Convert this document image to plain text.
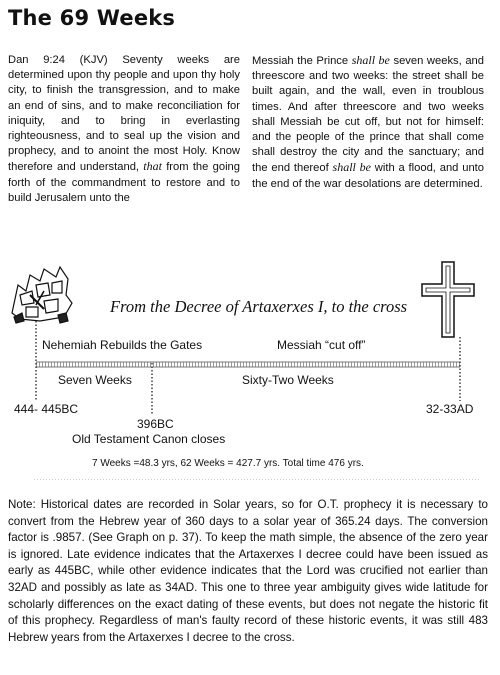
The 69 Weeks
Dan 9:24 (KJV) Seventy weeks are determined upon thy people and upon thy holy city, to finish the transgression, and to make an end of sins, and to make reconciliation for iniquity, and to bring in everlasting righteousness, and to seal up the vision and prophecy, and to anoint the most Holy. Know therefore and understand, that from the going forth of the commandment to restore and to build Jerusalem unto the
Messiah the Prince shall be seven weeks, and threescore and two weeks: the street shall be built again, and the wall, even in troublous times. And after threescore and two weeks shall Messiah be cut off, but not for himself: and the people of the prince that shall come shall destroy the city and the sanctuary; and the end thereof shall be with a flood, and unto the end of the war desolations are determined.
From the Decree of Artaxerxes I, to the cross
Nehemiah Rebuilds the Gates	Messiah “cut off”
Seven Weeks	Sixty-Two Weeks
444- 445BC	32-33AD
396BC
Old Testament Canon closes
7 Weeks =48.3 yrs, 62 Weeks = 427.7 yrs. Total time 476 yrs.
Note: Historical dates are recorded in Solar years, so for O.T. prophecy it is necessary to convert from the Hebrew year of 360 days to a solar year of 365.24 days. The conversion factor is .9857. (See Graph on p. 37). To keep the math simple, the absence of the zero year is ignored. Late evidence indicates that the Artaxerxes I decree could have been issued as early as 445BC, while other evidence indicates that the Lord was crucified not earlier than 32AD and possibly as late as 34AD. This one to three year ambiguity gives wide latitude for scholarly differences on the exact dating of these events, but does not negate the historic fit of this prophecy. Regardless of man's faulty record of these historic events, it was still 483 Hebrew years from the Artaxerxes I decree to the cross.
